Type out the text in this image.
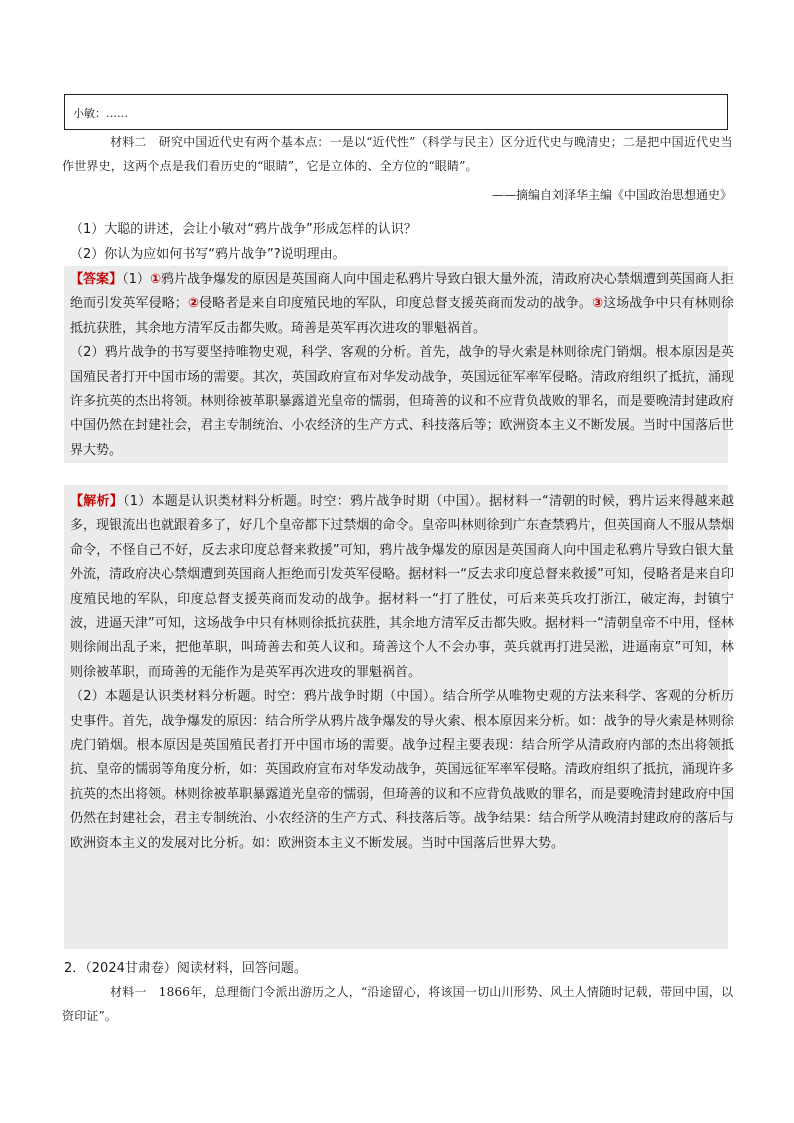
小敏：……
材料二　研究中国近代史有两个基本点：一是以“近代性”（科学与民主）区分近代史与晚清史；二是把中国近代史当作世界史，这两个点是我们看历史的“眼睛”，它是立体的、全方位的“眼睛”。
——摘编自刘泽华主编《中国政治思想通史》
（1）大聪的讲述，会让小敏对“鸦片战争”形成怎样的认识？
（2）你认为应如何书写“鸦片战争”?说明理由。
【答案】（1）①鸦片战争爆发的原因是英国商人向中国走私鸦片导致白银大量外流，清政府决心禁烟遭到英国商人拒绝而引发英军侵略；②侵略者是来自印度殖民地的军队，印度总督支援英商而发动的战争。③这场战争中只有林则徐抵抗获胜，其余地方清军反击都失败。琦善是英军再次进攻的罪魁祸首。
（2）鸦片战争的书写要坚持唯物史观，科学、客观的分析。首先，战争的导火索是林则徐虎门销烟。根本原因是英国殖民者打开中国市场的需要。其次，英国政府宣布对华发动战争，英国远征军率军侵略。清政府组织了抵抗，涌现许多抗英的杰出将领。林则徐被革职暴露道光皇帝的懦弱，但琦善的议和不应背负战败的罪名，而是要晚清封建政府中国仍然在封建社会，君主专制统治、小农经济的生产方式、科技落后等；欧洲资本主义不断发展。当时中国落后世界大势。
【解析】（1）本题是认识类材料分析题。时空：鸦片战争时期（中国）。据材料一“清朝的时候，鸦片运来得越来越多，现银流出也就跟着多了，好几个皇帝都下过禁烟的命令。皇帝叫林则徐到广东查禁鸦片，但英国商人不服从禁烟命令，不怪自己不好，反去求印度总督来救援”可知，鸦片战争爆发的原因是英国商人向中国走私鸦片导致白银大量外流，清政府决心禁烟遭到英国商人拒绝而引发英军侵略。据材料一“反去求印度总督来救援”可知，侵略者是来自印度殖民地的军队，印度总督支援英商而发动的战争。据材料一“打了胜仗，可后来英兵攻打浙江，破定海，封镇宁波，进逼天津”可知，这场战争中只有林则徐抵抗获胜，其余地方清军反击都失败。据材料一“清朝皇帝不中用，怪林则徐闹出乱子来，把他革职，叫琦善去和英人议和。琦善这个人不会办事，英兵就再打进吴淞，进逼南京”可知，林则徐被革职，而琦善的无能作为是英军再次进攻的罪魁祸首。
（2）本题是认识类材料分析题。时空：鸦片战争时期（中国）。结合所学从唯物史观的方法来科学、客观的分析历史事件。首先，战争爆发的原因：结合所学从鸦片战争爆发的导火索、根本原因来分析。如：战争的导火索是林则徐虎门销烟。根本原因是英国殖民者打开中国市场的需要。战争过程主要表现：结合所学从清政府内部的杰出将领抵抗、皇帝的懦弱等角度分析，如：英国政府宣布对华发动战争，英国远征军率军侵略。清政府组织了抵抗，涌现许多抗英的杰出将领。林则徐被革职暴露道光皇帝的懦弱，但琦善的议和不应背负战败的罪名，而是要晚清封建政府中国仍然在封建社会，君主专制统治、小农经济的生产方式、科技落后等。战争结果：结合所学从晚清封建政府的落后与欧洲资本主义的发展对比分析。如：欧洲资本主义不断发展。当时中国落后世界大势。
2．（2024甘肃卷）阅读材料，回答问题。
材料一　1866年，总理衙门令派出游历之人，“沿途留心，将该国一切山川形势、风土人情随时记载，带回中国，以资印证”。
